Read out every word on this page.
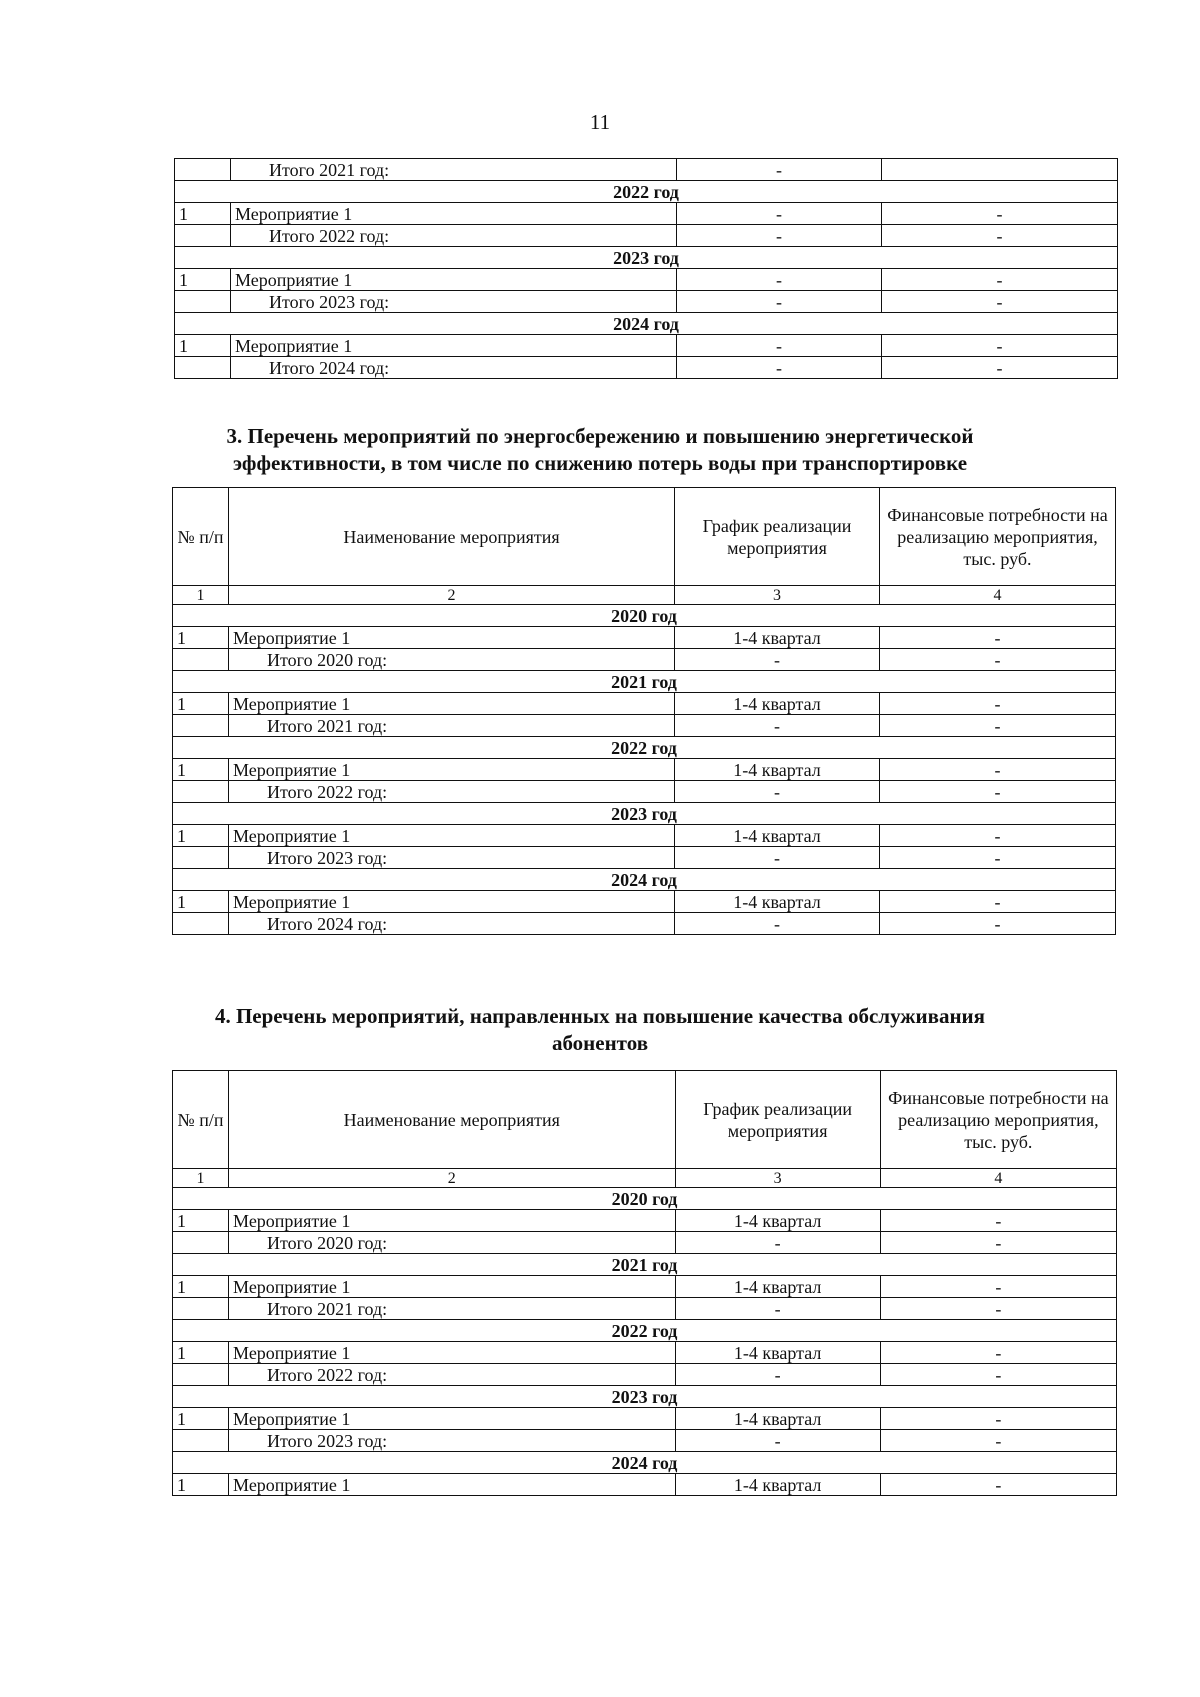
11
	Итого 2021 год:	-	
2022 год			
1	Мероприятие 1	-	-
	Итого 2022 год:	-	-
2023 год			
1	Мероприятие 1	-	-
	Итого 2023 год:	-	-
2024 год			
1	Мероприятие 1	-	-
	Итого 2024 год:	-	-
3. Перечень мероприятий по энергосбережению и повышению энергетической
эффективности, в том числе по снижению потерь воды при транспортировке
№ п/п	Наименование мероприятия	График реализации мероприятия	Финансовые потребности на реализацию мероприятия, тыс. руб.
1	2	3	4
2020 год			
1	Мероприятие 1	1-4 квартал	-
	Итого 2020 год:	-	-
2021 год			
1	Мероприятие 1	1-4 квартал	-
	Итого 2021 год:	-	-
2022 год			
1	Мероприятие 1	1-4 квартал	-
	Итого 2022 год:	-	-
2023 год			
1	Мероприятие 1	1-4 квартал	-
	Итого 2023 год:	-	-
2024 год			
1	Мероприятие 1	1-4 квартал	-
	Итого 2024 год:	-	-
4. Перечень мероприятий, направленных на повышение качества обслуживания
абонентов
№ п/п	Наименование мероприятия	График реализации мероприятия	Финансовые потребности на реализацию мероприятия, тыс. руб.
1	2	3	4
2020 год			
1	Мероприятие 1	1-4 квартал	-
	Итого 2020 год:	-	-
2021 год			
1	Мероприятие 1	1-4 квартал	-
	Итого 2021 год:	-	-
2022 год			
1	Мероприятие 1	1-4 квартал	-
	Итого 2022 год:	-	-
2023 год			
1	Мероприятие 1	1-4 квартал	-
	Итого 2023 год:	-	-
2024 год			
1	Мероприятие 1	1-4 квартал	-
